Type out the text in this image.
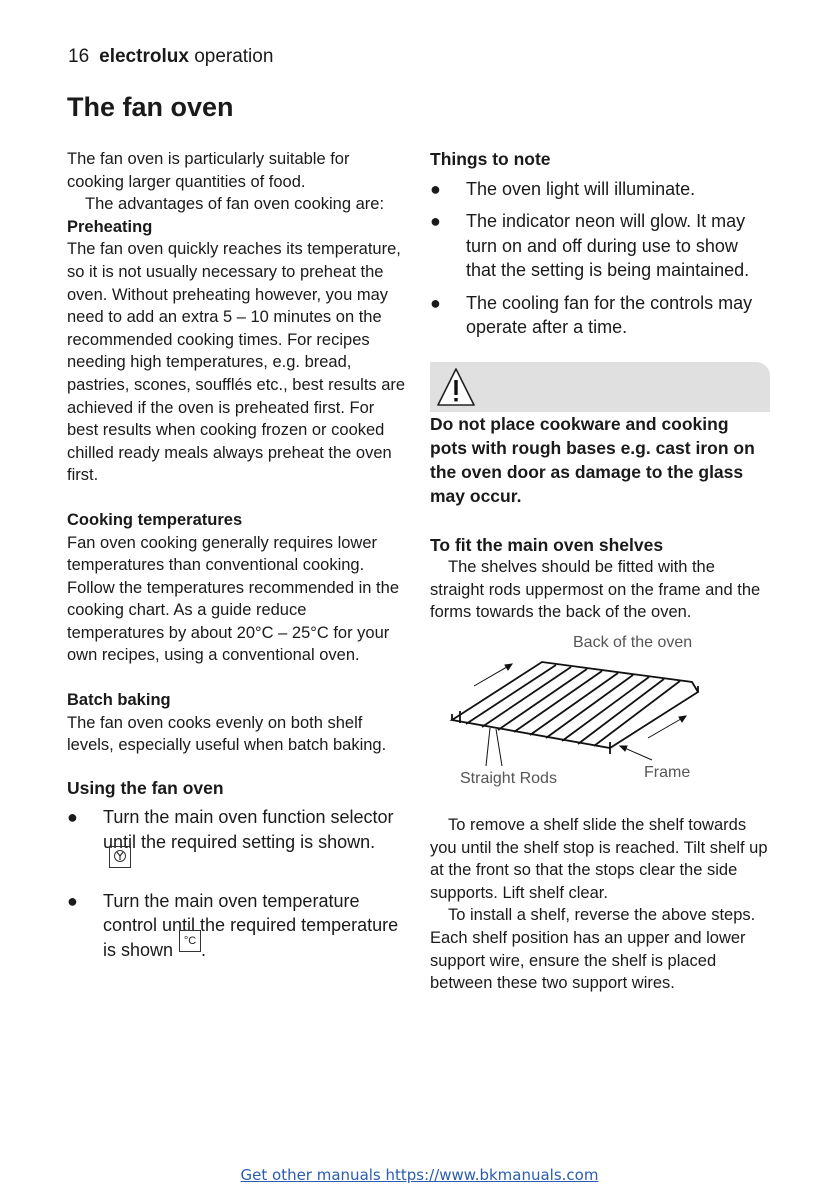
16 electrolux operation
The fan oven

The fan oven is particularly suitable for cooking larger quantities of food.

The advantages of fan oven cooking are:

Preheating

The fan oven quickly reaches its temperature, so it is not usually necessary to preheat the oven. Without preheating however, you may need to add an extra 5 – 10 minutes on the recommended cooking times. For recipes needing high temperatures, e.g. bread, pastries, scones, soufflés etc., best results are achieved if the oven is preheated first. For best results when cooking frozen or cooked chilled ready meals always preheat the oven first.

Cooking temperatures

Fan oven cooking generally requires lower temperatures than conventional cooking. Follow the temperatures recommended in the cooking chart. As a guide reduce temperatures by about 20°C – 25°C for your own recipes, using a conventional oven.

Batch baking

The fan oven cooks evenly on both shelf levels, especially useful when batch baking.

Using the fan oven

● Turn the main oven function selector until the required setting is shown.
● Turn the main oven temperature control until the required temperature is shown °C .

Things to note

● The oven light will illuminate.
● The indicator neon will glow. It may turn on and off during use to show that the setting is being maintained.
● The cooling fan for the controls may operate after a time.

Do not place cookware and cooking pots with rough bases e.g. cast iron on the oven door as damage to the glass may occur.

To fit the main oven shelves

The shelves should be fitted with the straight rods uppermost on the frame and the forms towards the back of the oven.

Back of the oven
Straight Rods	Frame

To remove a shelf slide the shelf towards you until the shelf stop is reached. Tilt shelf up at the front so that the stops clear the side supports. Lift shelf clear.

To install a shelf, reverse the above steps. Each shelf position has an upper and lower support wire, ensure the shelf is placed between these two support wires.

Get other manuals https://www.bkmanuals.com
